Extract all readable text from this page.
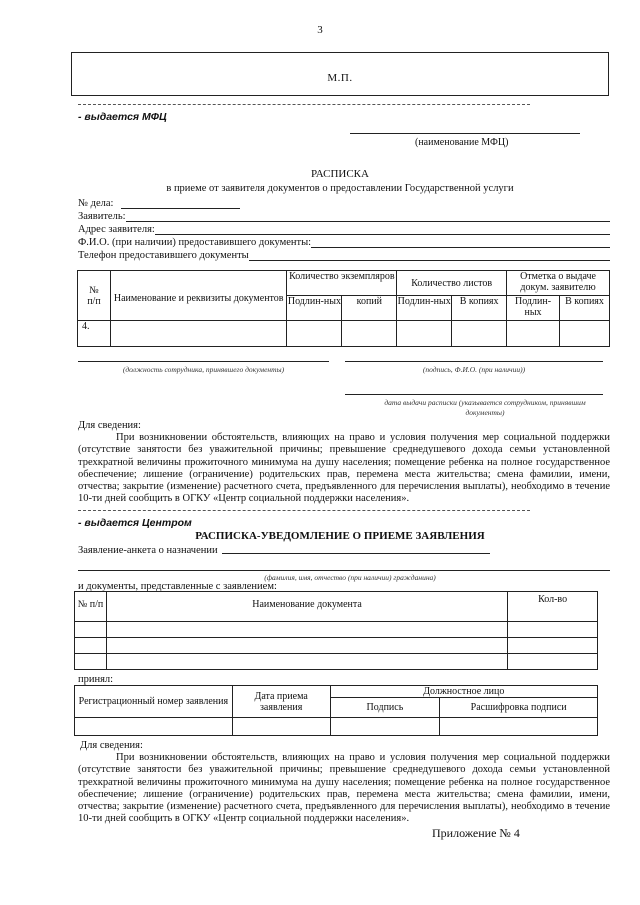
3
М.П.
- выдается МФЦ
(наименование МФЦ)
РАСПИСКА
в приеме от заявителя документов о предоставлении Государственной услуги
№ дела:
Заявитель:
Адрес заявителя:
Ф.И.О. (при наличии) предоставившего документы:
Телефон предоставившего документы
№
п/п	Наименование и реквизиты документов	Количество экземпляров		Количество листов		Отметка о выдаче докум. заявителю	
		Подлин-ных	копий	Подлин-ных	В копиях	Подлин-ных	В копиях
4.							
(должность сотрудника, принявшего документы)	(подпись, Ф.И.О. (при наличии))
дата выдачи расписки (указывается сотрудником, принявшим документы)
Для сведения:
При возникновении обстоятельств, влияющих на право и условия получения мер социальной поддержки (отсутствие занятости без уважительной причины; превышение среднедушевого дохода семьи установленной трехкратной величины прожиточного минимума на душу населения; помещение ребенка на полное государственное обеспечение; лишение (ограничение) родительских прав, перемена места жительства; смена фамилии, имени, отчества; закрытие (изменение) расчетного счета, предъявленного для перечисления выплаты), необходимо в течение 10-ти дней сообщить в ОГКУ «Центр социальной поддержки населения».
- выдается Центром
РАСПИСКА-УВЕДОМЛЕНИЕ О ПРИЕМЕ ЗАЯВЛЕНИЯ
Заявление-анкета о назначении
(фамилия, имя, отчество (при наличии) гражданина)
и документы, представленные с заявлением:
№ п/п	Наименование документа	Кол-во

принял:
Регистрационный номер заявления	Дата приема заявления	Должностное лицо	
		Подпись	Расшифровка подписи

Для сведения:
При возникновении обстоятельств, влияющих на право и условия получения мер социальной поддержки (отсутствие занятости без уважительной причины; превышение среднедушевого дохода семьи установленной трехкратной величины прожиточного минимума на душу населения; помещение ребенка на полное государственное обеспечение; лишение (ограничение) родительских прав, перемена места жительства; смена фамилии, имени, отчества; закрытие (изменение) расчетного счета, предъявленного для перечисления выплаты), необходимо в течение 10-ти дней сообщить в ОГКУ «Центр социальной поддержки населения».
Приложение № 4
